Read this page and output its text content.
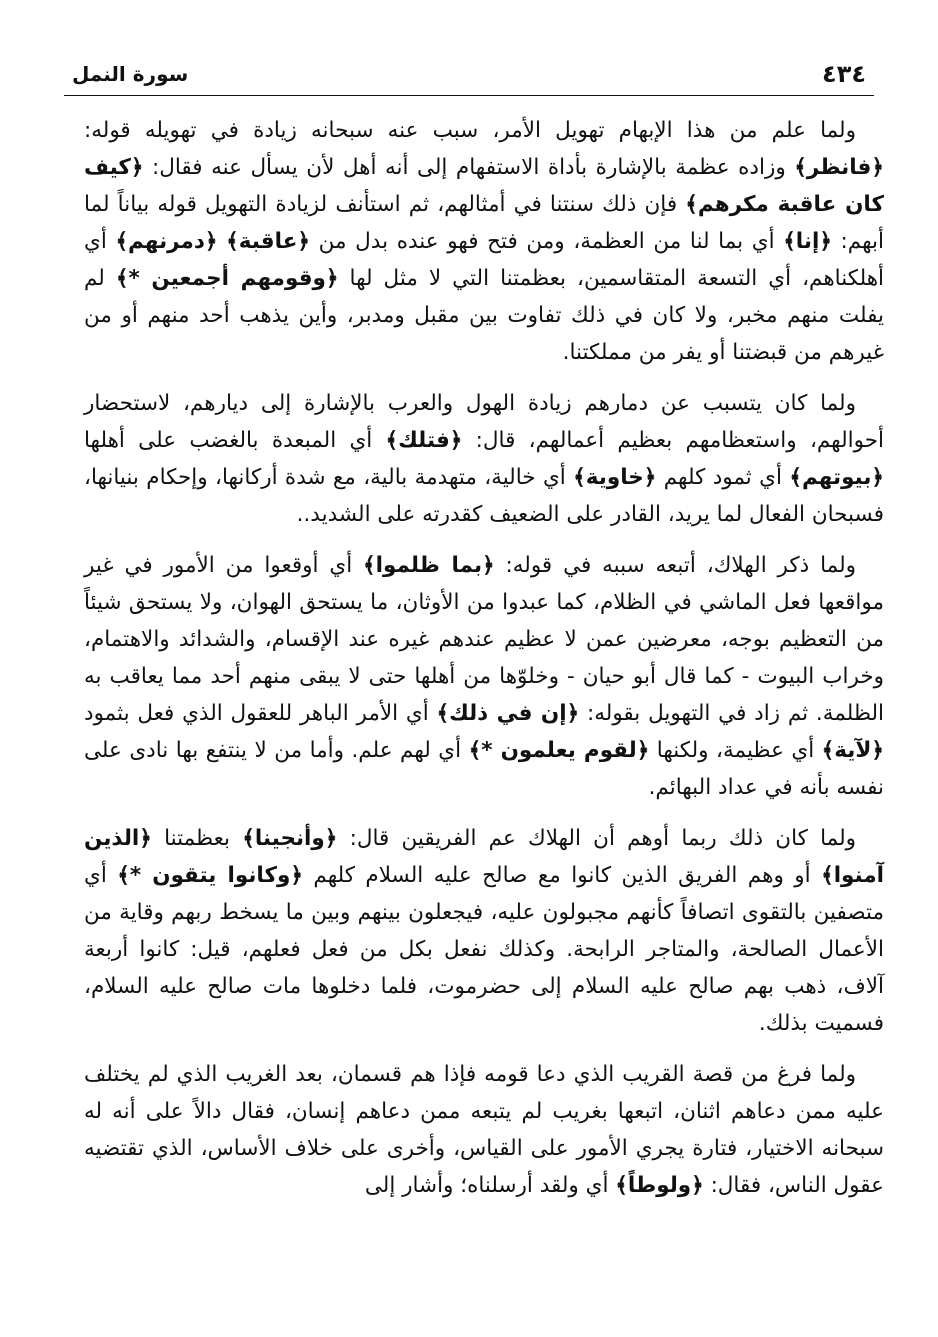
٤٣٤
سورة النمل

ولما علم من هذا الإبهام تهويل الأمر، سبب عنه سبحانه زيادة في تهويله قوله: ﴿فانظر﴾ وزاده عظمة بالإشارة بأداة الاستفهام إلى أنه أهل لأن يسأل عنه فقال: ﴿كيف كان عاقبة مكرهم﴾ فإن ذلك سنتنا في أمثالهم، ثم استأنف لزيادة التهويل قوله بياناً لما أبهم: ﴿إنا﴾ أي بما لنا من العظمة، ومن فتح فهو عنده بدل من ﴿عاقبة﴾ ﴿دمرنهم﴾ أي أهلكناهم، أي التسعة المتقاسمين، بعظمتنا التي لا مثل لها ﴿وقومهم أجمعين *﴾ لم يفلت منهم مخبر، ولا كان في ذلك تفاوت بين مقبل ومدبر، وأين يذهب أحد منهم أو من غيرهم من قبضتنا أو يفر من مملكتنا.

ولما كان يتسبب عن دمارهم زيادة الهول والعرب بالإشارة إلى ديارهم، لاستحضار أحوالهم، واستعظامهم بعظيم أعمالهم، قال: ﴿فتلك﴾ أي المبعدة بالغضب على أهلها ﴿بيوتهم﴾ أي ثمود كلهم ﴿خاوية﴾ أي خالية، متهدمة بالية، مع شدة أركانها، وإحكام بنيانها، فسبحان الفعال لما يريد، القادر على الضعيف كقدرته على الشديد..

ولما ذكر الهلاك، أتبعه سببه في قوله: ﴿بما ظلموا﴾ أي أوقعوا من الأمور في غير مواقعها فعل الماشي في الظلام، كما عبدوا من الأوثان، ما يستحق الهوان، ولا يستحق شيئاً من التعظيم بوجه، معرضين عمن لا عظيم عندهم غيره عند الإقسام، والشدائد والاهتمام، وخراب البيوت - كما قال أبو حيان - وخلوّها من أهلها حتى لا يبقى منهم أحد مما يعاقب به الظلمة. ثم زاد في التهويل بقوله: ﴿إن في ذلك﴾ أي الأمر الباهر للعقول الذي فعل بثمود ﴿لآية﴾ أي عظيمة، ولكنها ﴿لقوم يعلمون *﴾ أي لهم علم. وأما من لا ينتفع بها نادى على نفسه بأنه في عداد البهائم.

ولما كان ذلك ربما أوهم أن الهلاك عم الفريقين قال: ﴿وأنجينا﴾ بعظمتنا ﴿الذين آمنوا﴾ أو وهم الفريق الذين كانوا مع صالح عليه السلام كلهم ﴿وكانوا يتقون *﴾ أي متصفين بالتقوى اتصافاً كأنهم مجبولون عليه، فيجعلون بينهم وبين ما يسخط ربهم وقاية من الأعمال الصالحة، والمتاجر الرابحة. وكذلك نفعل بكل من فعل فعلهم، قيل: كانوا أربعة آلاف، ذهب بهم صالح عليه السلام إلى حضرموت، فلما دخلوها مات صالح عليه السلام، فسميت بذلك.

ولما فرغ من قصة القريب الذي دعا قومه فإذا هم قسمان، بعد الغريب الذي لم يختلف عليه ممن دعاهم اثنان، اتبعها بغريب لم يتبعه ممن دعاهم إنسان، فقال دالاً على أنه له سبحانه الاختيار، فتارة يجري الأمور على القياس، وأخرى على خلاف الأساس، الذي تقتضيه عقول الناس، فقال: ﴿ولوطاً﴾ أي ولقد أرسلناه؛ وأشار إلى
